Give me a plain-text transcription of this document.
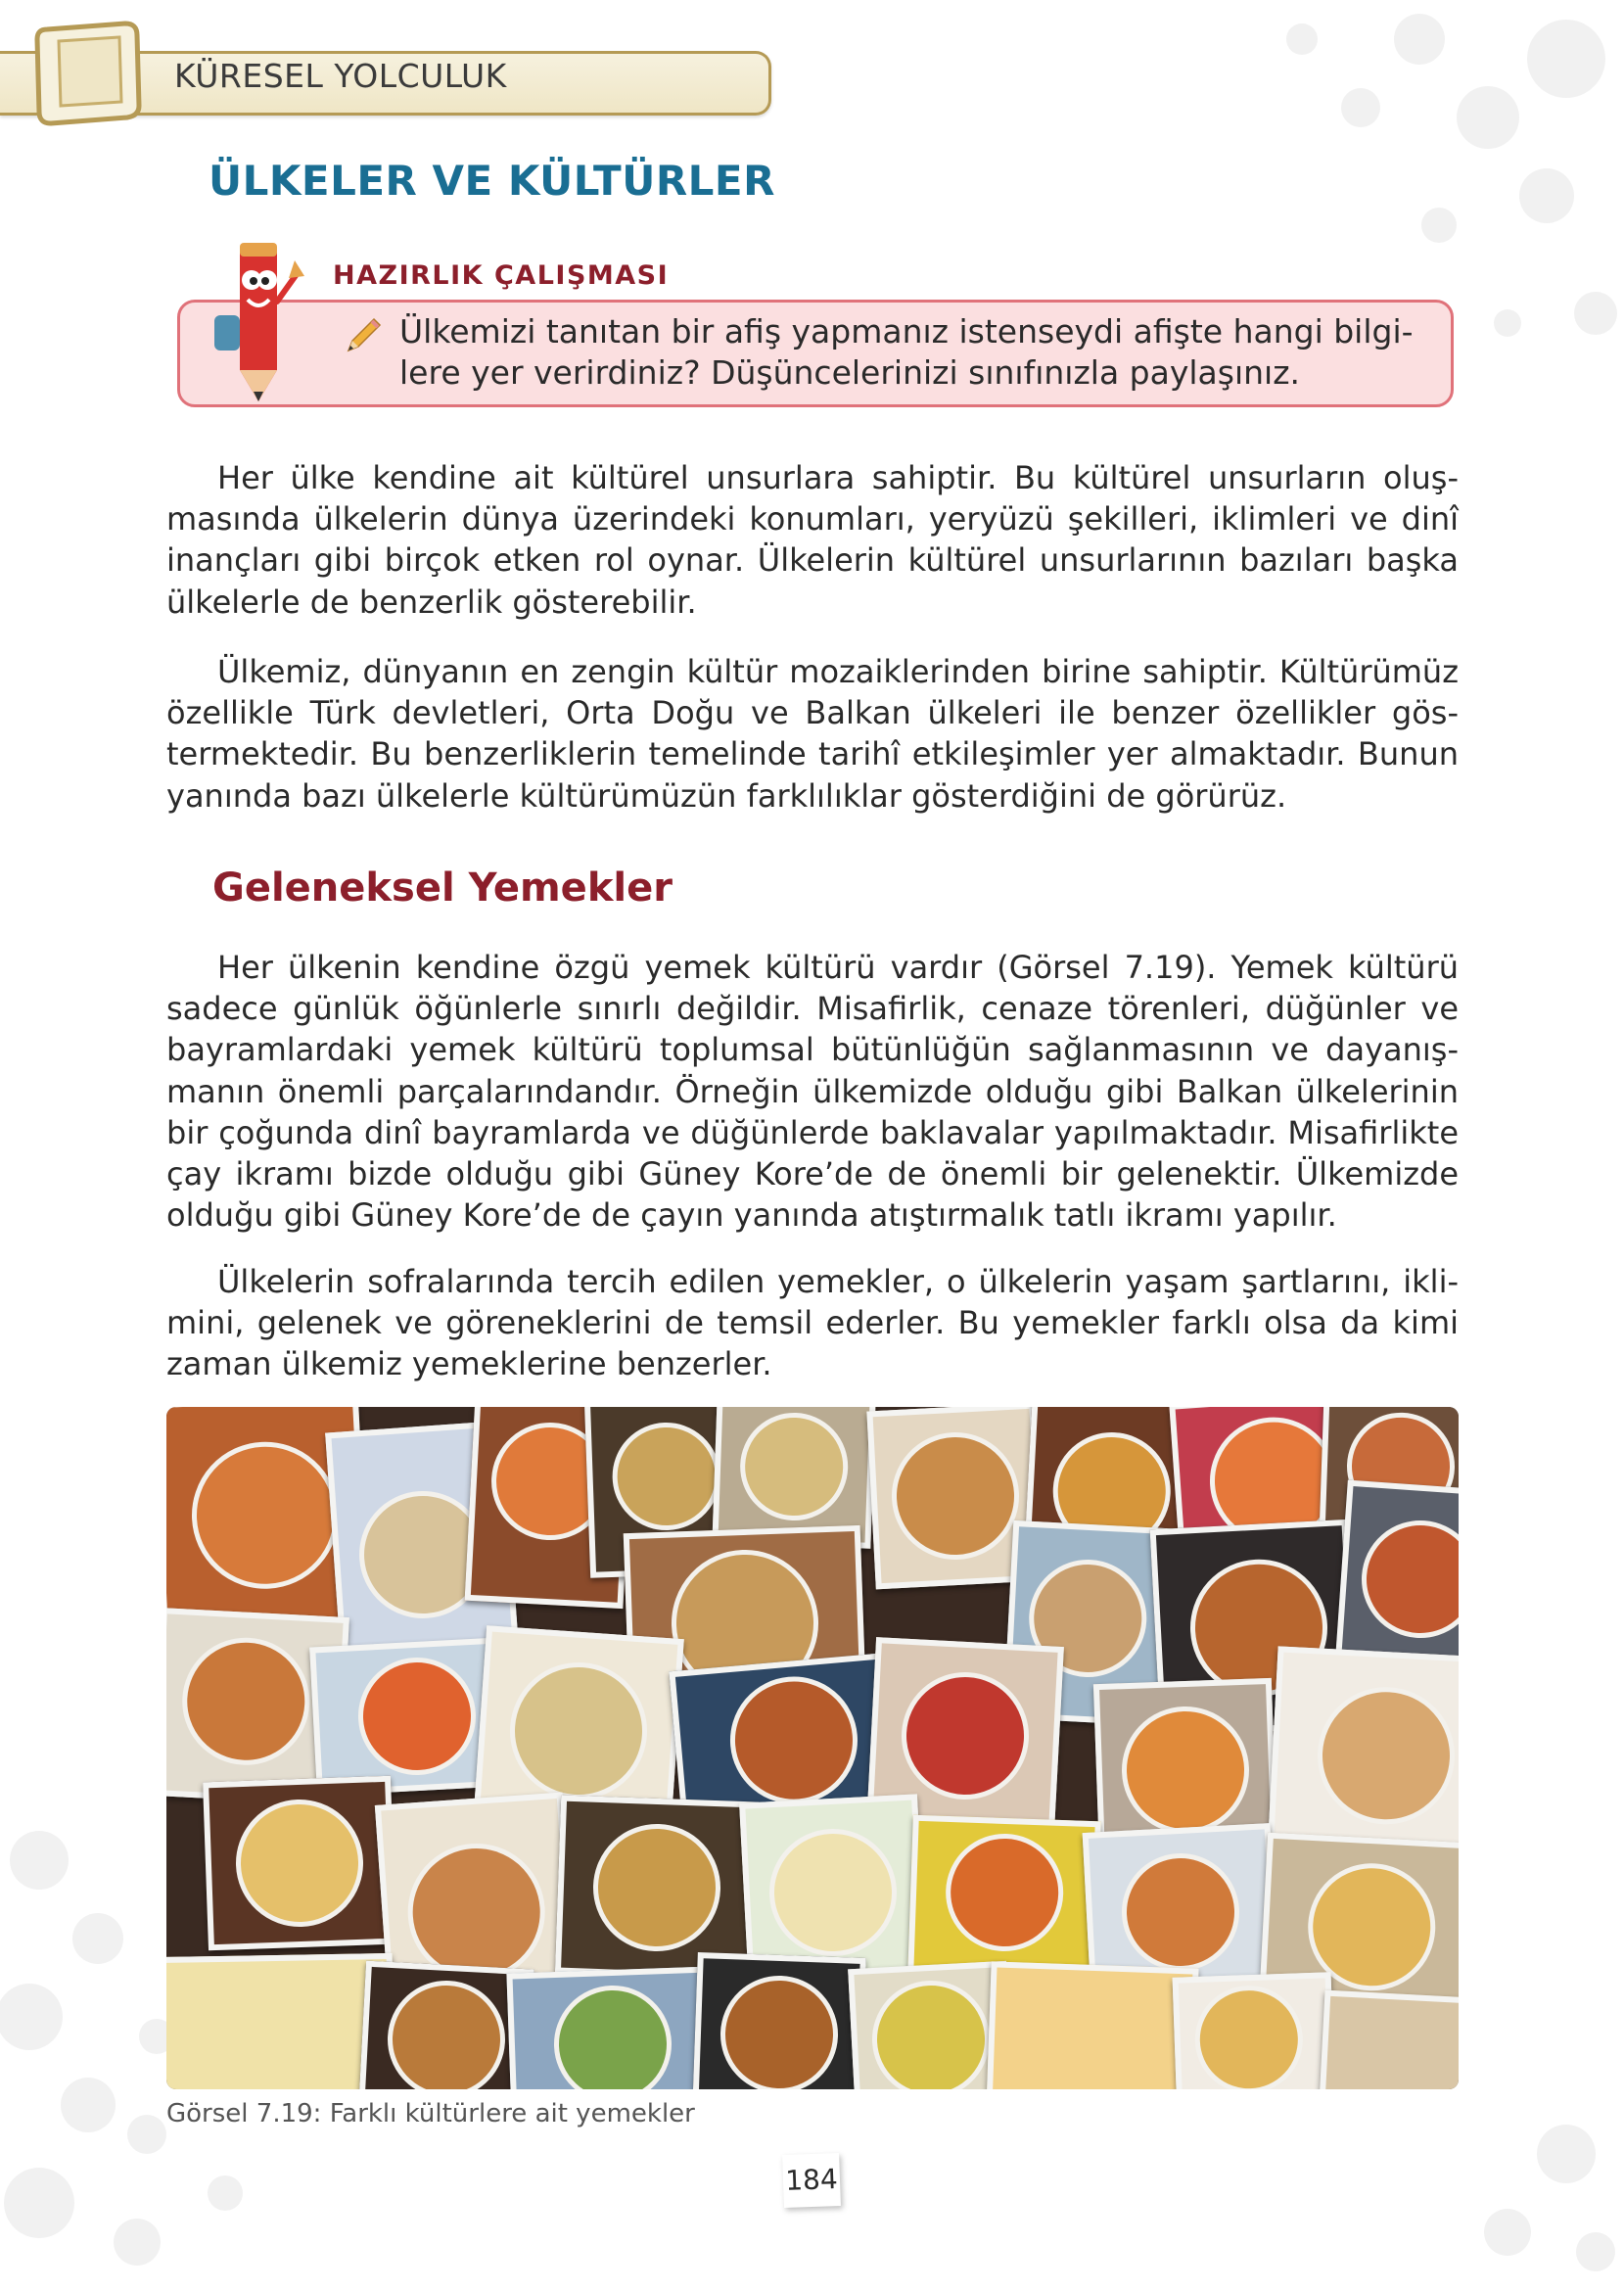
KÜRESEL YOLCULUK
ÜLKELER VE KÜLTÜRLER
HAZIRLIK ÇALIŞMASI
Ülkemizi tanıtan bir afiş yapmanız istenseydi afişte hangi bilgi-
lere yer verirdiniz? Düşüncelerinizi sınıfınızla paylaşınız.

Her ülke kendine ait kültürel unsurlara sahiptir. Bu kültürel unsurların oluşmasında ülkelerin dünya üzerindeki konumları, yeryüzü şekilleri, iklimleri ve dinî inançları gibi birçok etken rol oynar. Ülkelerin kültürel unsurlarının bazıları başka ülkelerle de benzerlik gösterebilir.

Ülkemiz, dünyanın en zengin kültür mozaiklerinden birine sahiptir. Kültürümüz özellikle Türk devletleri, Orta Doğu ve Balkan ülkeleri ile benzer özellikler göstermektedir. Bu benzerliklerin temelinde tarihî etkileşimler yer almaktadır. Bunun yanında bazı ülkelerle kültürümüzün farklılıklar gösterdiğini de görürüz.

Geleneksel Yemekler

Her ülkenin kendine özgü yemek kültürü vardır (Görsel 7.19). Yemek kültürü sadece günlük öğünlerle sınırlı değildir. Misafirlik, cenaze törenleri, düğünler ve bayramlardaki yemek kültürü toplumsal bütünlüğün sağlanmasının ve dayanışmanın önemli parçalarındandır. Örneğin ülkemizde olduğu gibi Balkan ülkelerinin bir çoğunda dinî bayramlarda ve düğünlerde baklavalar yapılmaktadır. Misafirlikte çay ikramı bizde olduğu gibi Güney Kore’de de önemli bir gelenektir. Ülkemizde olduğu gibi Güney Kore’de de çayın yanında atıştırmalık tatlı ikramı yapılır.

Ülkelerin sofralarında tercih edilen yemekler, o ülkelerin yaşam şartlarını, iklimini, gelenek ve göreneklerini de temsil ederler. Bu yemekler farklı olsa da kimi zaman ülkemiz yemeklerine benzerler.

Görsel 7.19: Farklı kültürlere ait yemekler
184
